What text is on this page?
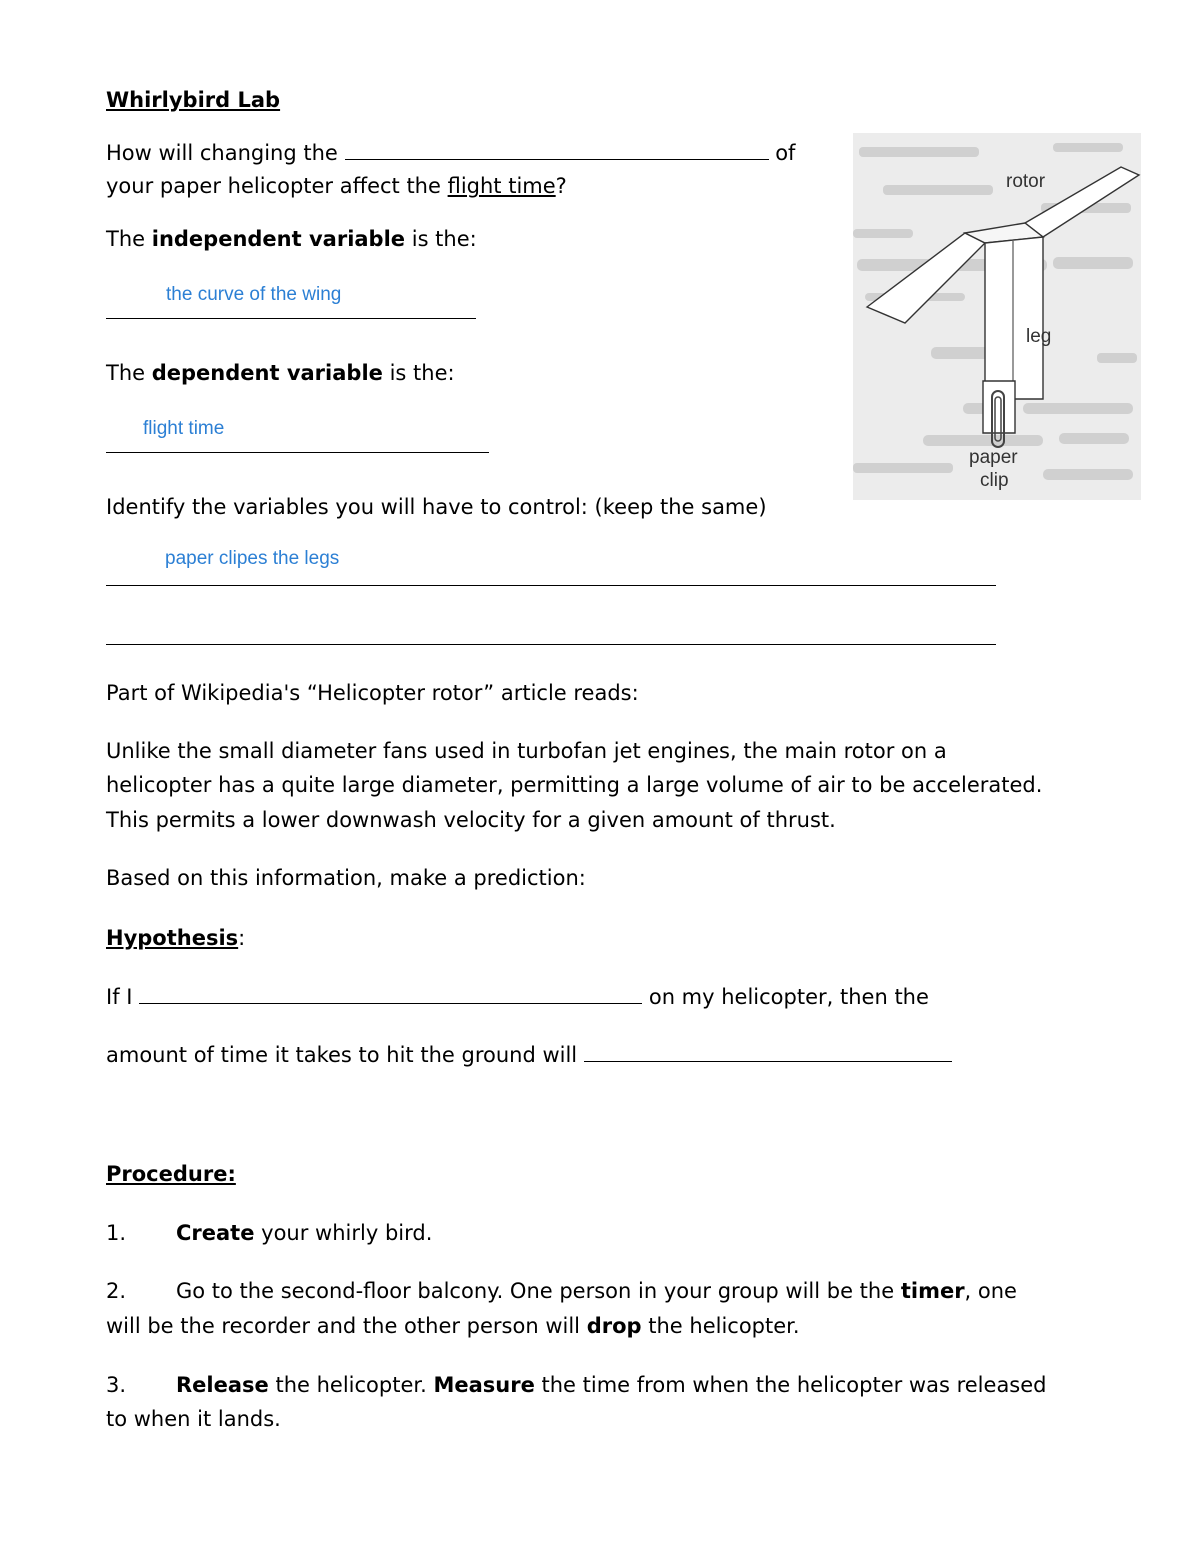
Whirlybird Lab
How will changing the	of
your paper helicopter affect the flight time?
The independent variable is the:
the curve of the wing
The dependent variable is the:
flight time
Identify the variables you will have to control: (keep the same)
paper clipes the legs
rotor
leg
paper
clip
Part of Wikipedia's “Helicopter rotor” article reads:
Unlike the small diameter fans used in turbofan jet engines, the main rotor on a
helicopter has a quite large diameter, permitting a large volume of air to be accelerated.
This permits a lower downwash velocity for a given amount of thrust.
Based on this information, make a prediction:
Hypothesis:
If I	on my helicopter, then the
amount of time it takes to hit the ground will
Procedure:
1. Create your whirly bird.
2. Go to the second-floor balcony. One person in your group will be the timer, one
will be the recorder and the other person will drop the helicopter.
3. Release the helicopter. Measure the time from when the helicopter was released
to when it lands.
